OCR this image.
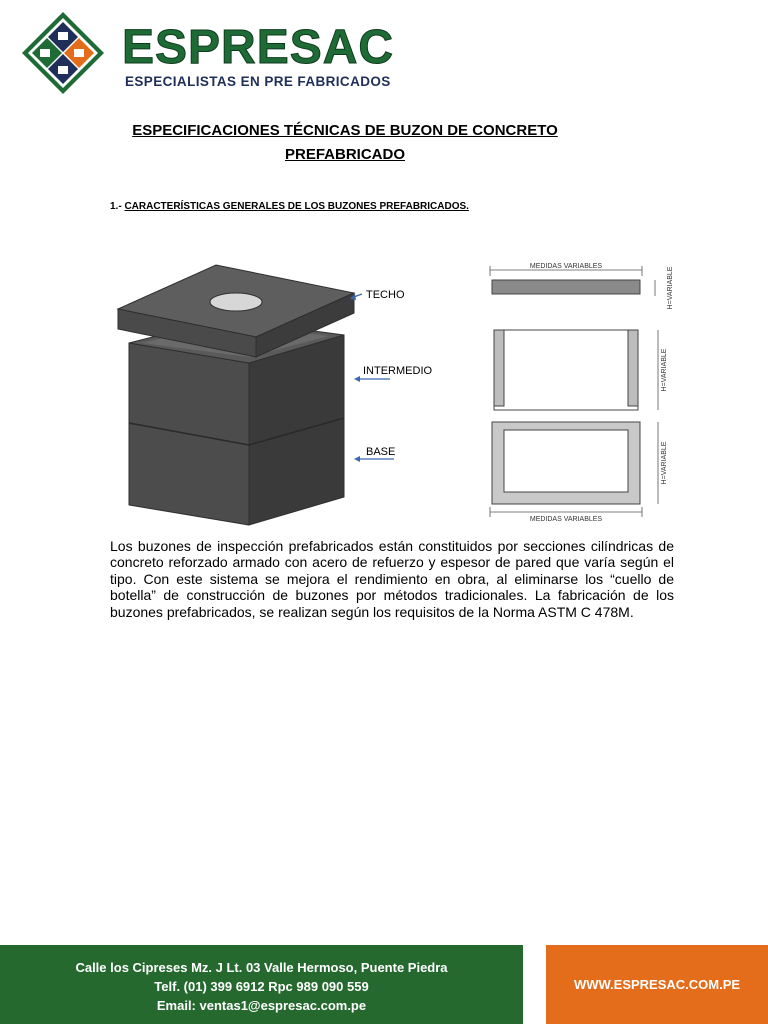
ESPRESAC
ESPECIALISTAS EN PRE FABRICADOS
ESPECIFICACIONES TÉCNICAS DE BUZON DE CONCRETO
PREFABRICADO
1.- CARACTERÍSTICAS GENERALES DE LOS BUZONES PREFABRICADOS.
TECHO
INTERMEDIO
BASE
MEDIDAS VARIABLES
H=VARIABLE
H=VARIABLE
H=VARIABLE
MEDIDAS VARIABLES
Los buzones de inspección prefabricados están constituidos por secciones cilíndricas de concreto reforzado armado con acero de refuerzo y espesor de pared que varía según el tipo. Con este sistema se mejora el rendimiento en obra, al eliminarse los “cuello de botella” de construcción de buzones por métodos tradicionales. La fabricación de los buzones prefabricados, se realizan según los requisitos de la Norma ASTM C 478M.
Calle los Cipreses Mz. J Lt. 03 Valle Hermoso, Puente Piedra
Telf. (01) 399 6912 Rpc 989 090 559
Email: ventas1@espresac.com.pe
WWW.ESPRESAC.COM.PE
